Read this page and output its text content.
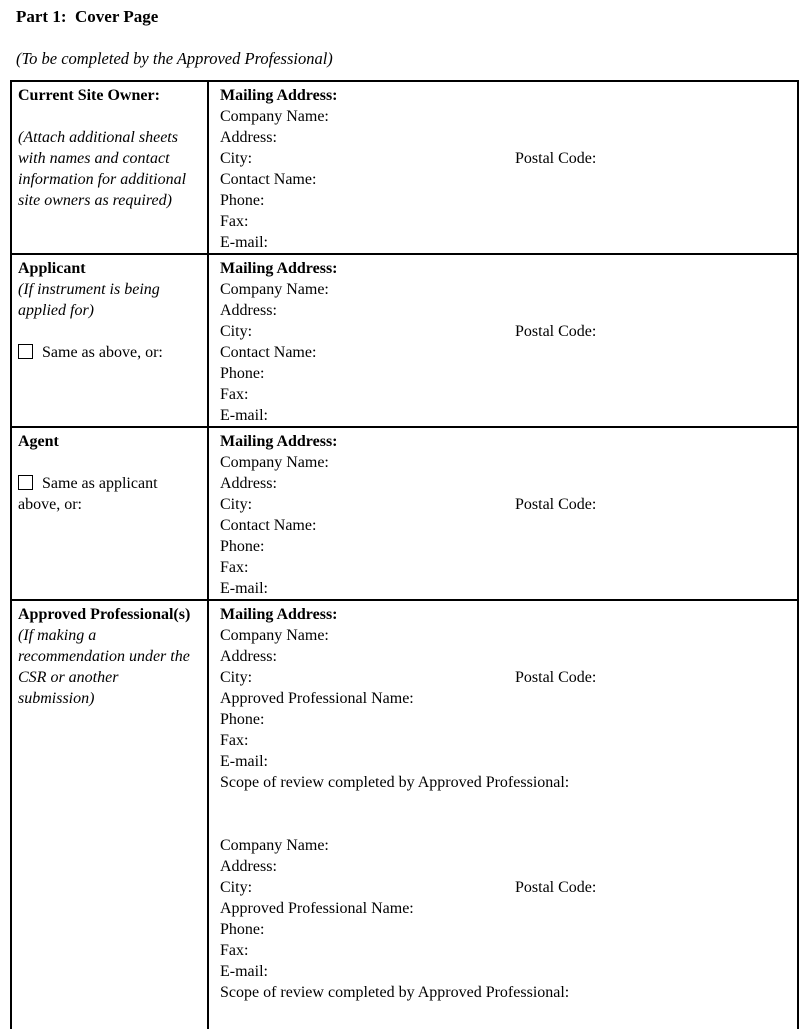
Part 1:  Cover Page

(To be completed by the Approved Professional)

Current Site Owner:
(Attach additional sheets with names and contact information for additional site owners as required)

Mailing Address:
Company Name:
Address:
City:	Postal Code:
Contact Name:
Phone:
Fax:
E-mail:

Applicant
(If instrument is being applied for)
Same as above, or:

Mailing Address:
Company Name:
Address:
City:	Postal Code:
Contact Name:
Phone:
Fax:
E-mail:

Agent
Same as applicant above, or:

Mailing Address:
Company Name:
Address:
City:	Postal Code:
Contact Name:
Phone:
Fax:
E-mail:

Approved Professional(s)
(If making a recommendation under the CSR or another submission)

Mailing Address:
Company Name:
Address:
City:	Postal Code:
Approved Professional Name:
Phone:
Fax:
E-mail:
Scope of review completed by Approved Professional:
Company Name:
Address:
City:	Postal Code:
Approved Professional Name:
Phone:
Fax:
E-mail:
Scope of review completed by Approved Professional:
